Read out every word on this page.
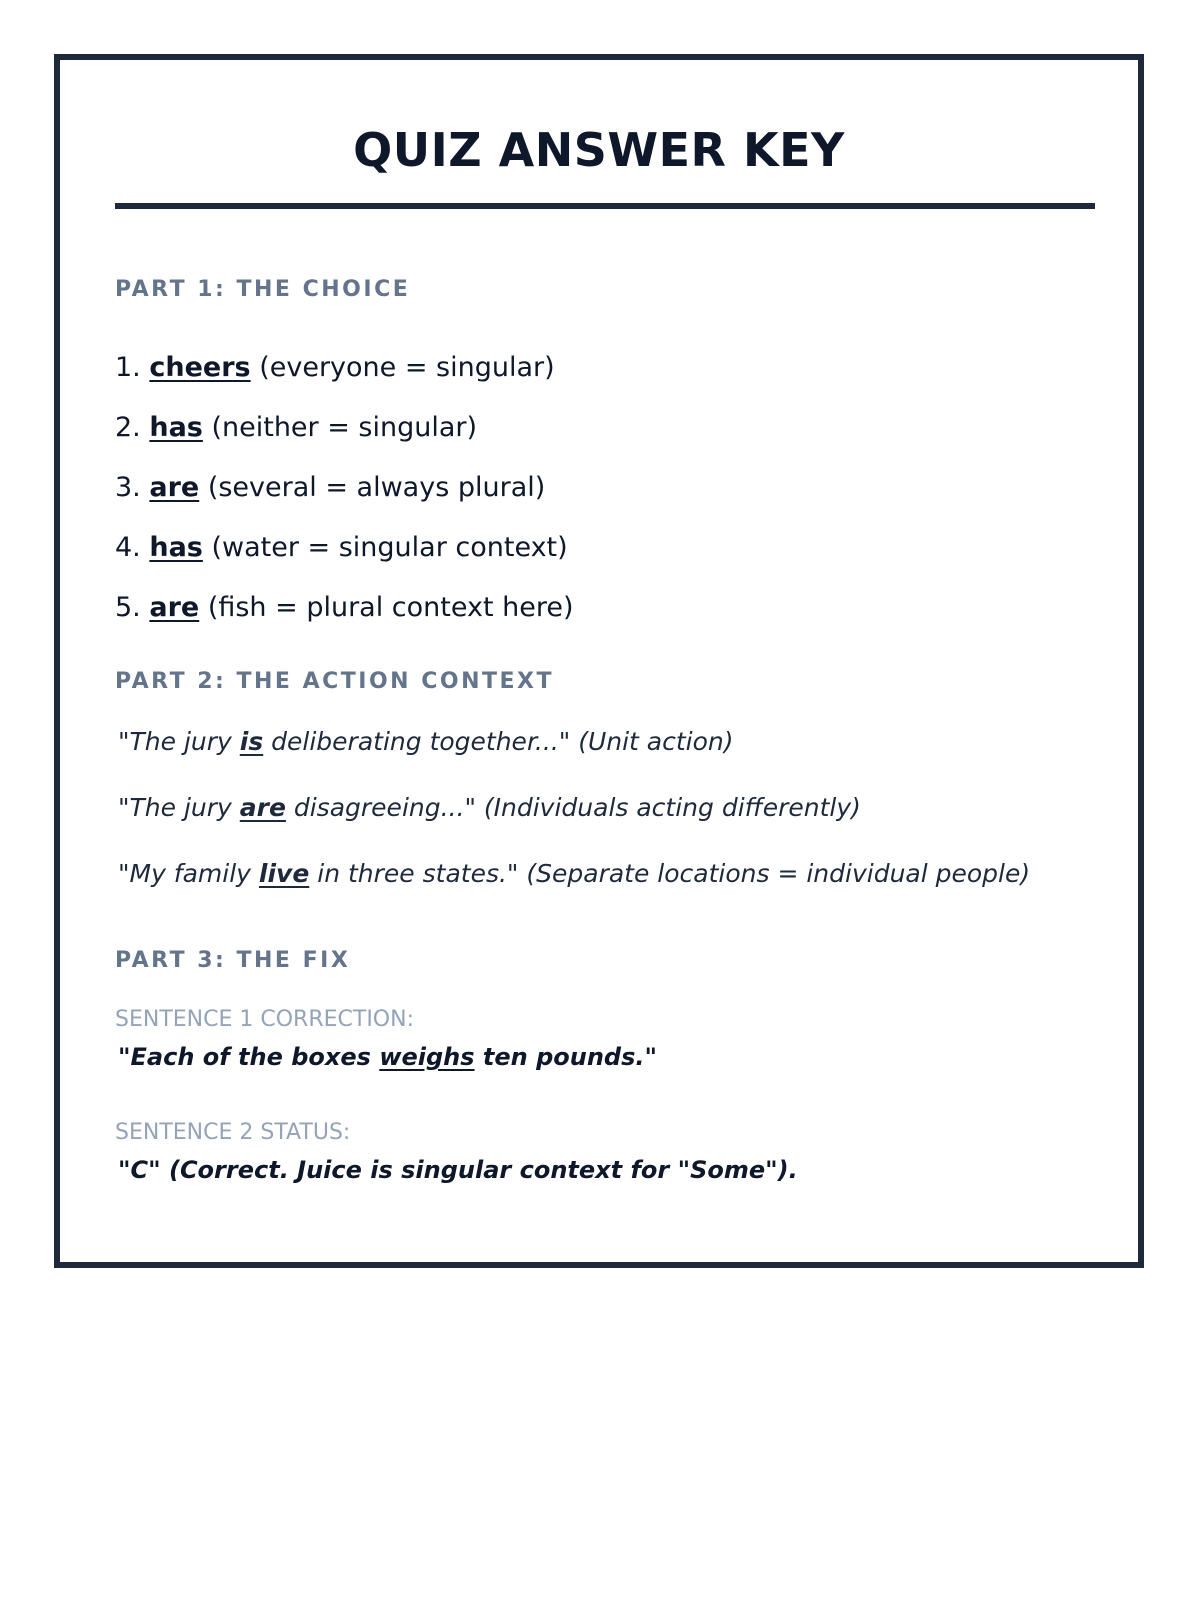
QUIZ ANSWER KEY
PART 1: THE CHOICE
1. cheers (everyone = singular)
2. has (neither = singular)
3. are (several = always plural)
4. has (water = singular context)
5. are (fish = plural context here)
PART 2: THE ACTION CONTEXT

"The jury is deliberating together..." (Unit action)

"The jury are disagreeing..." (Individuals acting differently)

"My family live in three states." (Separate locations = individual people)

PART 3: THE FIX

SENTENCE 1 CORRECTION:

"Each of the boxes weighs ten pounds."

SENTENCE 2 STATUS:

"C" (Correct. Juice is singular context for "Some").
